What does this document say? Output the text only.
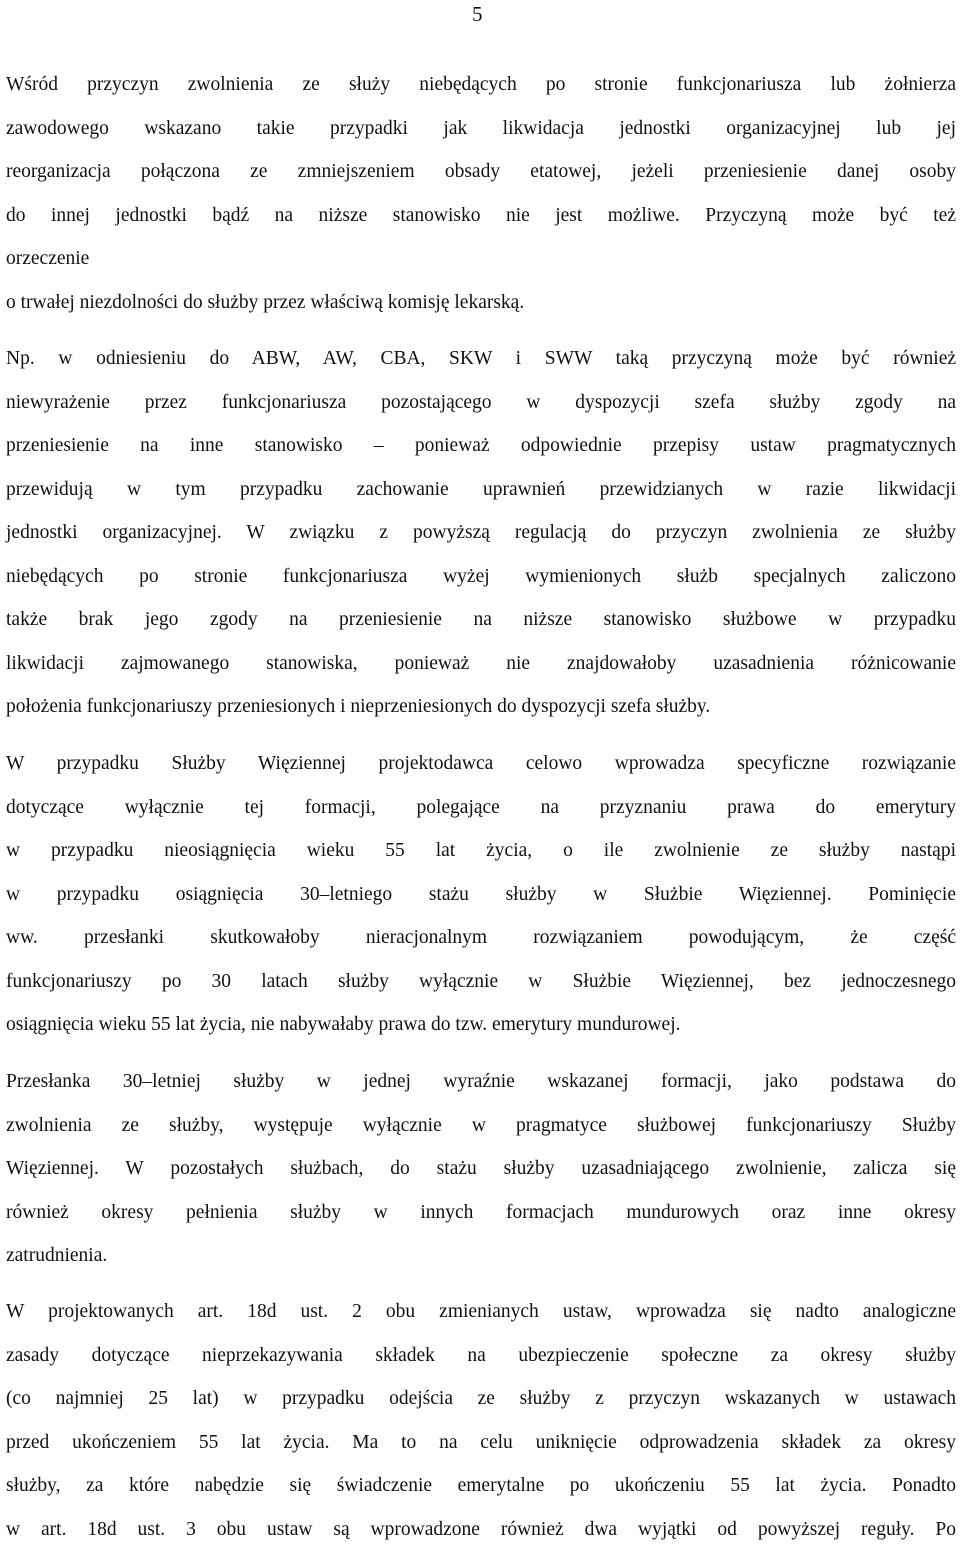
5
Wśród przyczyn zwolnienia ze służy niebędących po stronie funkcjonariusza lub żołnierza
zawodowego wskazano takie przypadki jak likwidacja jednostki organizacyjnej lub jej
reorganizacja połączona ze zmniejszeniem obsady etatowej, jeżeli przeniesienie danej osoby
do innej jednostki bądź na niższe stanowisko nie jest możliwe. Przyczyną może być też
orzeczenie
o trwałej niezdolności do służby przez właściwą komisję lekarską.
Np. w odniesieniu do ABW, AW, CBA, SKW i SWW taką przyczyną może być również
niewyrażenie przez funkcjonariusza pozostającego w dyspozycji szefa służby zgody na
przeniesienie na inne stanowisko – ponieważ odpowiednie przepisy ustaw pragmatycznych
przewidują w tym przypadku zachowanie uprawnień przewidzianych w razie likwidacji
jednostki organizacyjnej. W związku z powyższą regulacją do przyczyn zwolnienia ze służby
niebędących po stronie funkcjonariusza wyżej wymienionych służb specjalnych zaliczono
także brak jego zgody na przeniesienie na niższe stanowisko służbowe w przypadku
likwidacji zajmowanego stanowiska, ponieważ nie znajdowałoby uzasadnienia różnicowanie
położenia funkcjonariuszy przeniesionych i nieprzeniesionych do dyspozycji szefa służby.
W przypadku Służby Więziennej projektodawca celowo wprowadza specyficzne rozwiązanie
dotyczące wyłącznie tej formacji, polegające na przyznaniu prawa do emerytury
w przypadku nieosiągnięcia wieku 55 lat życia, o ile zwolnienie ze służby nastąpi
w przypadku osiągnięcia 30–letniego stażu służby w Służbie Więziennej. Pominięcie
ww. przesłanki skutkowałoby nieracjonalnym rozwiązaniem powodującym, że część
funkcjonariuszy po 30 latach służby wyłącznie w Służbie Więziennej, bez jednoczesnego
osiągnięcia wieku 55 lat życia, nie nabywałaby prawa do tzw. emerytury mundurowej.
Przesłanka 30–letniej służby w jednej wyraźnie wskazanej formacji, jako podstawa do
zwolnienia ze służby, występuje wyłącznie w pragmatyce służbowej funkcjonariuszy Służby
Więziennej. W pozostałych służbach, do stażu służby uzasadniającego zwolnienie, zalicza się
również okresy pełnienia służby w innych formacjach mundurowych oraz inne okresy
zatrudnienia.
W projektowanych art. 18d ust. 2 obu zmienianych ustaw, wprowadza się nadto analogiczne
zasady dotyczące nieprzekazywania składek na ubezpieczenie społeczne za okresy służby
(co najmniej 25 lat) w przypadku odejścia ze służby z przyczyn wskazanych w ustawach
przed ukończeniem 55 lat życia. Ma to na celu uniknięcie odprowadzenia składek za okresy
służby, za które nabędzie się świadczenie emerytalne po ukończeniu 55 lat życia. Ponadto
w art. 18d ust. 3 obu ustaw są wprowadzone również dwa wyjątki od powyższej reguły. Po
